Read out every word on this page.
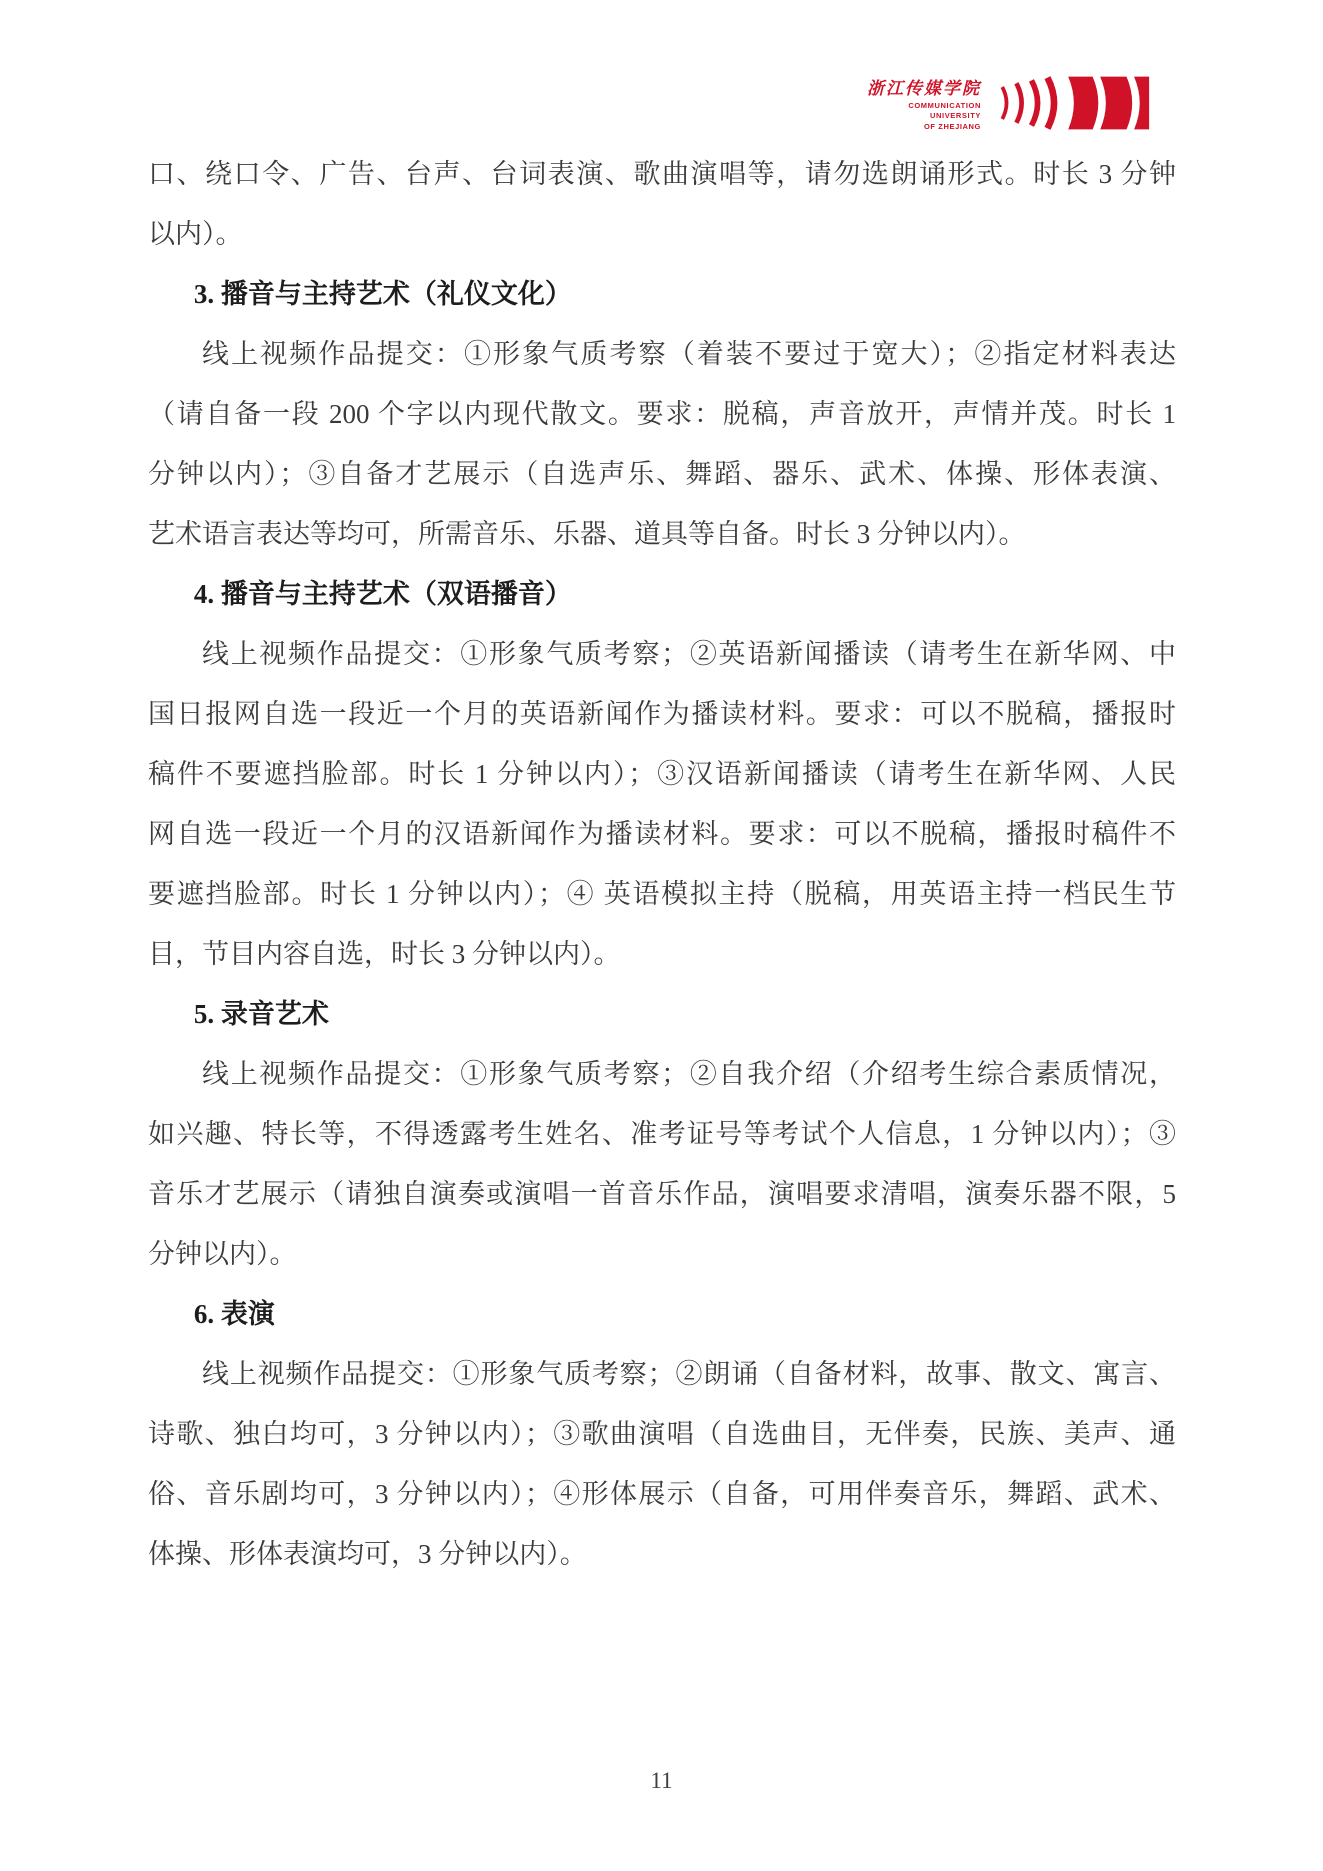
浙江传媒学院
COMMUNICATION
UNIVERSITY
OF ZHEJIANG
口、绕口令、广告、台声、台词表演、歌曲演唱等，请勿选朗诵形式。时长 3 分钟
以内）。
3. 播音与主持艺术（礼仪文化）
线上视频作品提交：①形象气质考察（着装不要过于宽大）；②指定材料表达
（请自备一段 200 个字以内现代散文。要求：脱稿，声音放开，声情并茂。时长 1
分钟以内）；③自备才艺展示（自选声乐、舞蹈、器乐、武术、体操、形体表演、
艺术语言表达等均可，所需音乐、乐器、道具等自备。时长 3 分钟以内）。
4. 播音与主持艺术（双语播音）
线上视频作品提交：①形象气质考察；②英语新闻播读（请考生在新华网、中
国日报网自选一段近一个月的英语新闻作为播读材料。要求：可以不脱稿，播报时
稿件不要遮挡脸部。时长 1 分钟以内）；③汉语新闻播读（请考生在新华网、人民
网自选一段近一个月的汉语新闻作为播读材料。要求：可以不脱稿，播报时稿件不
要遮挡脸部。时长 1 分钟以内）；④ 英语模拟主持（脱稿，用英语主持一档民生节
目，节目内容自选，时长 3 分钟以内）。
5. 录音艺术
线上视频作品提交：①形象气质考察；②自我介绍（介绍考生综合素质情况，
如兴趣、特长等，不得透露考生姓名、准考证号等考试个人信息，1 分钟以内）；③
音乐才艺展示（请独自演奏或演唱一首音乐作品，演唱要求清唱，演奏乐器不限，5
分钟以内）。
6. 表演
线上视频作品提交：①形象气质考察；②朗诵（自备材料，故事、散文、寓言、
诗歌、独白均可，3 分钟以内）；③歌曲演唱（自选曲目，无伴奏，民族、美声、通
俗、音乐剧均可，3 分钟以内）；④形体展示（自备，可用伴奏音乐，舞蹈、武术、
体操、形体表演均可，3 分钟以内）。
11
